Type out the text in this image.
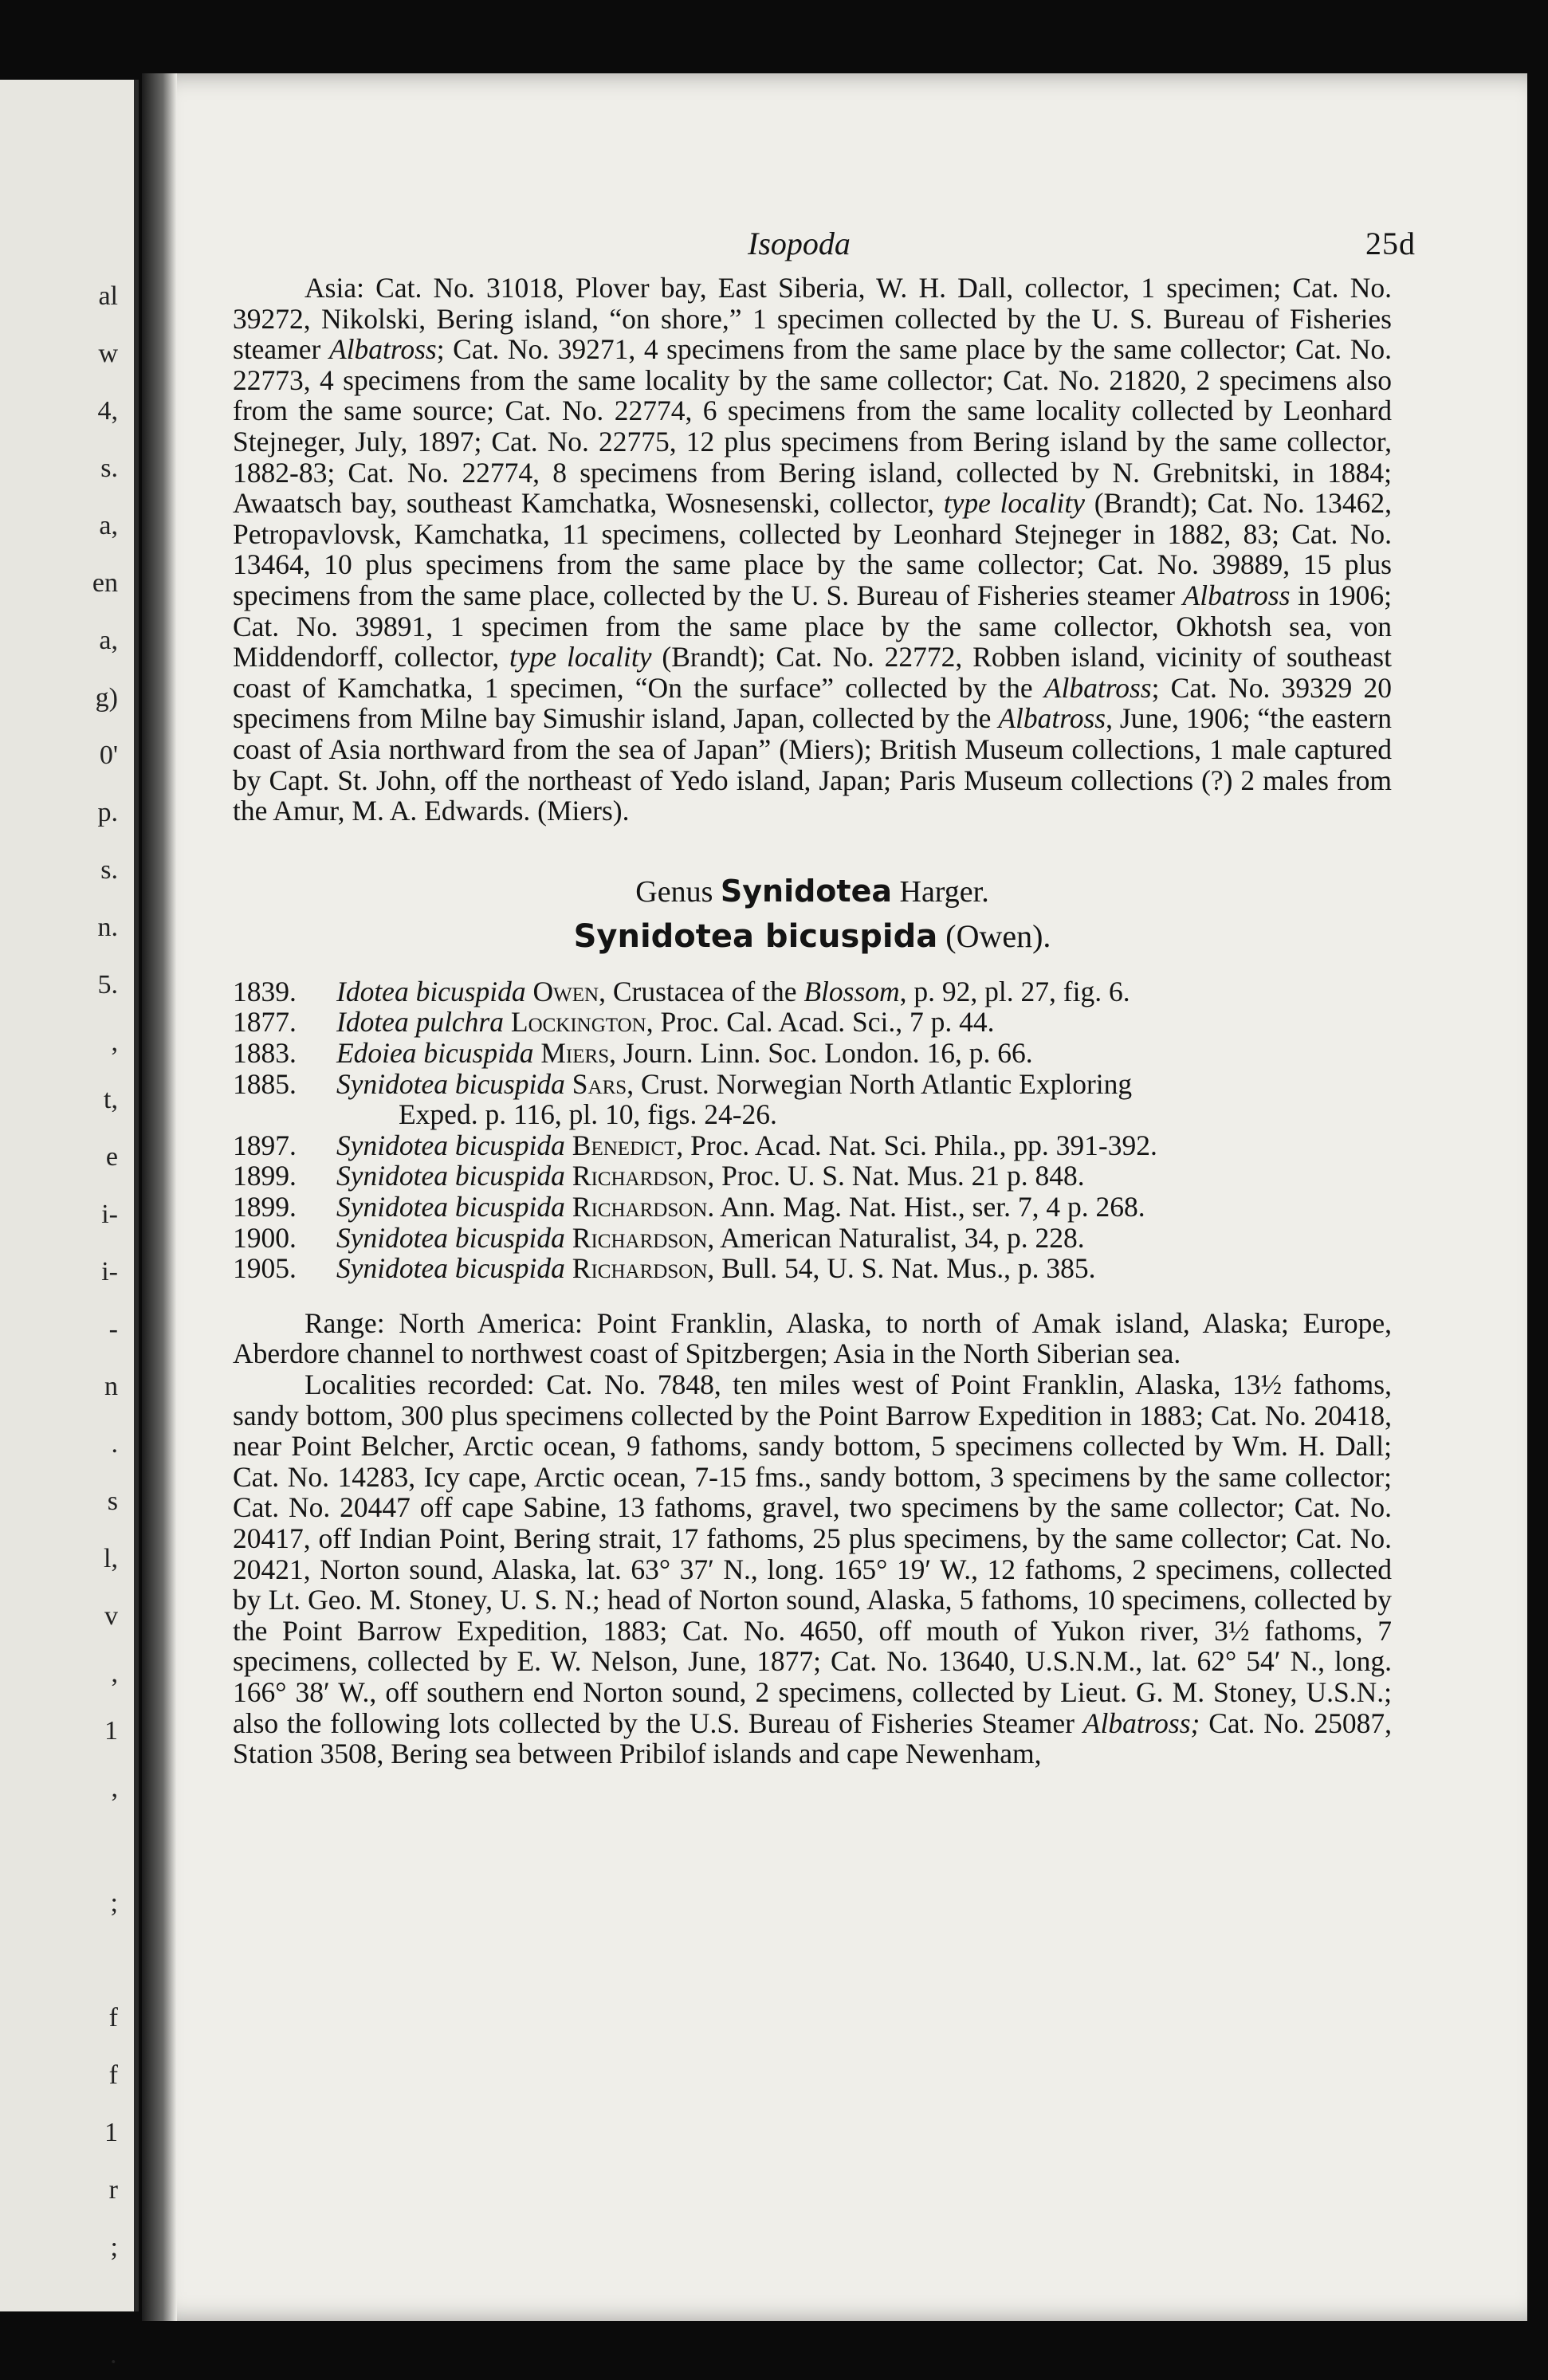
al
w
4,
s.
a,
en
a,
g)
0'
p.
s.
n.
5.
,
t,
e
i-
i-
-
n
.
s
l,
v
,
1
,
;
f
f
1
r
;
·
Isopoda	25d

Asia: Cat. No. 31018, Plover bay, East Siberia, W. H. Dall, collector, 1 specimen; Cat. No. 39272, Nikolski, Bering island, “on shore,” 1 specimen collected by the U. S. Bureau of Fisheries steamer Albatross; Cat. No. 39271, 4 specimens from the same place by the same collector; Cat. No. 22773, 4 specimens from the same locality by the same collector; Cat. No. 21820, 2 specimens also from the same source; Cat. No. 22774, 6 specimens from the same locality collected by Leonhard Stejneger, July, 1897; Cat. No. 22775, 12 plus specimens from Bering island by the same collector, 1882-83; Cat. No. 22774, 8 specimens from Bering island, collected by N. Grebnitski, in 1884; Awaatsch bay, southeast Kamchatka, Wosnesenski, collector, type locality (Brandt); Cat. No. 13462, Petropavlovsk, Kamchatka, 11 specimens, collected by Leonhard Stejneger in 1882, 83; Cat. No. 13464, 10 plus specimens from the same place by the same collector; Cat. No. 39889, 15 plus specimens from the same place, collected by the U. S. Bureau of Fisheries steamer Albatross in 1906; Cat. No. 39891, 1 specimen from the same place by the same collector, Okhotsh sea, von Middendorff, collector, type locality (Brandt); Cat. No. 22772, Robben island, vicinity of southeast coast of Kamchatka, 1 specimen, “On the surface” collected by the Albatross; Cat. No. 39329 20 specimens from Milne bay Simushir island, Japan, collected by the Albatross, June, 1906; “the eastern coast of Asia northward from the sea of Japan” (Miers); British Museum collections, 1 male captured by Capt. St. John, off the northeast of Yedo island, Japan; Paris Museum collections (?) 2 males from the Amur, M. A. Edwards. (Miers).

Genus Synidotea Harger.
Synidotea bicuspida (Owen).
1839. Idotea bicuspida Owen, Crustacea of the Blossom, p. 92, pl. 27, fig. 6.
1877. Idotea pulchra Lockington, Proc. Cal. Acad. Sci., 7 p. 44.
1883. Edoiea bicuspida Miers, Journ. Linn. Soc. London. 16, p. 66.
1885. Synidotea bicuspida Sars, Crust. Norwegian North Atlantic Exploring
Exped. p. 116, pl. 10, figs. 24-26.
1897. Synidotea bicuspida Benedict, Proc. Acad. Nat. Sci. Phila., pp. 391-392.
1899. Synidotea bicuspida Richardson, Proc. U. S. Nat. Mus. 21 p. 848.
1899. Synidotea bicuspida Richardson. Ann. Mag. Nat. Hist., ser. 7, 4 p. 268.
1900. Synidotea bicuspida Richardson, American Naturalist, 34, p. 228.
1905. Synidotea bicuspida Richardson, Bull. 54, U. S. Nat. Mus., p. 385.

Range: North America: Point Franklin, Alaska, to north of Amak island, Alaska; Europe, Aberdore channel to northwest coast of Spitzbergen; Asia in the North Siberian sea.

Localities recorded: Cat. No. 7848, ten miles west of Point Franklin, Alaska, 13½ fathoms, sandy bottom, 300 plus specimens collected by the Point Barrow Expedition in 1883; Cat. No. 20418, near Point Belcher, Arctic ocean, 9 fathoms, sandy bottom, 5 specimens collected by Wm. H. Dall; Cat. No. 14283, Icy cape, Arctic ocean, 7-15 fms., sandy bottom, 3 specimens by the same collector; Cat. No. 20447 off cape Sabine, 13 fathoms, gravel, two specimens by the same collector; Cat. No. 20417, off Indian Point, Bering strait, 17 fathoms, 25 plus specimens, by the same collector; Cat. No. 20421, Norton sound, Alaska, lat. 63° 37′ N., long. 165° 19′ W., 12 fathoms, 2 specimens, collected by Lt. Geo. M. Stoney, U. S. N.; head of Norton sound, Alaska, 5 fathoms, 10 specimens, collected by the Point Barrow Expedition, 1883; Cat. No. 4650, off mouth of Yukon river, 3½ fathoms, 7 specimens, collected by E. W. Nelson, June, 1877; Cat. No. 13640, U.S.N.M., lat. 62° 54′ N., long. 166° 38′ W., off southern end Norton sound, 2 specimens, collected by Lieut. G. M. Stoney, U.S.N.; also the following lots collected by the U.S. Bureau of Fisheries Steamer Albatross; Cat. No. 25087, Station 3508, Bering sea between Pribilof islands and cape Newenham,
